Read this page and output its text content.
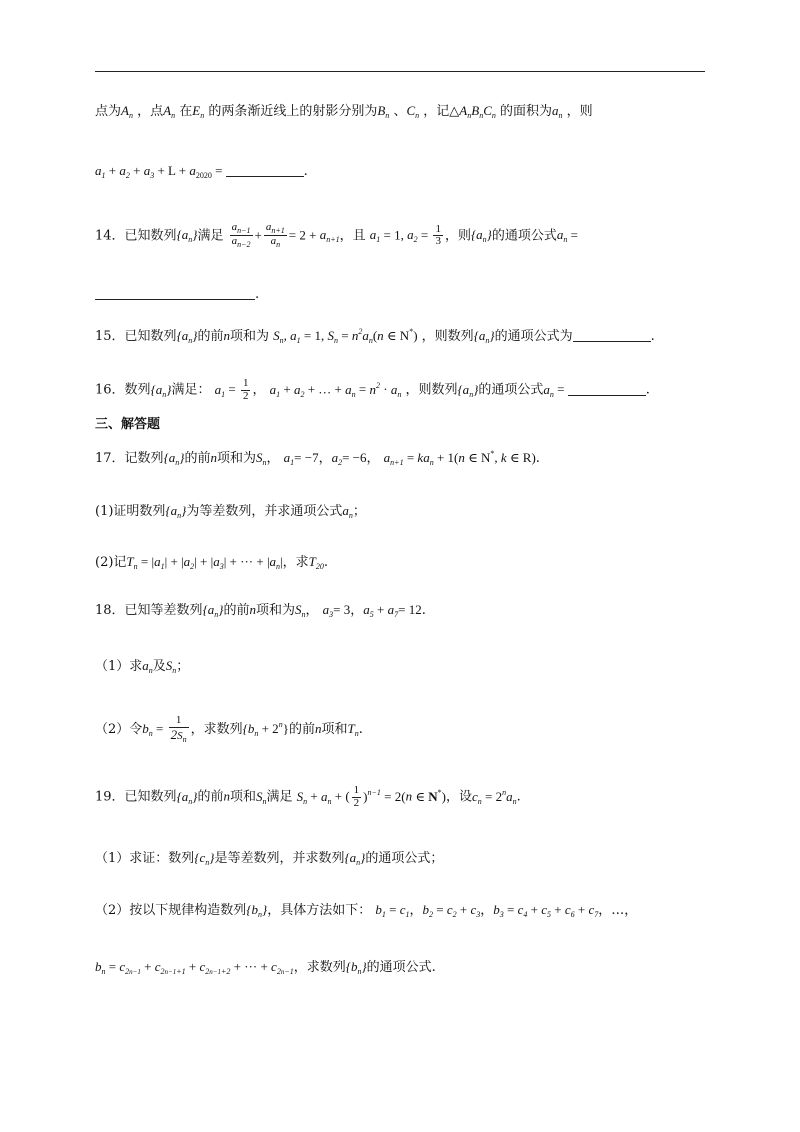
点为$A_n$ ，点$A_n$ 在$E_n$ 的两条渐近线上的射影分别为$B_n$ 、$C_n$ ，记$\triangle A_nB_nC_n$ 的面积为$a_n$ ，则
$a_1 + a_2 + a_3 + L + a_{2020}$ =	.
14．已知数列$\{a_n\}$满足 $\frac{a_{n-1}}{a_{n-2}} + \frac{a_{n+1}}{a_n} = 2 + a_{n+1}$，且 $a_1 = 1$, $a_2 = \frac{1}{3}$ ，则$\{a_n\}$的通项公式$a_n$ =
.
15．已知数列$\{a_n\}$的前n项和为 $S_n$, $a_1 = 1$, $S_n = n^2a_n(n$ ∈ N*) ，则数列$\{a_n\}$的通项公式为	.
16．数列$\{a_n\}$满足： $a_1 = \frac{1}{2}$ ， $a_1 + a_2$ + … + $a_n = n^2 \cdot a_n$ ，则数列$\{a_n\}$的通项公式$a_n$ =	.
三、解答题
17．记数列$\{a_n\}$的前n项和为$S_n$， $a_1= -7$，$a_2= -6$， $a_{n+1} = ka_n + 1(n$ ∈ N*, k ∈ R).
(1)证明数列$\{a_n\}$为等差数列，并求通项公式$a_n$；
(2)记$T_n = |a_1| + |a_2| + |a_3|$ + ··· + $|a_n|$，求$T_{20}$.
18．已知等差数列$\{a_n\}$的前n项和为$S_n$， $a_3= 3$，$a_5 + a_7= 12$.
（1）求$a_n$及$S_n$；
（2）令$b_n = \frac{1}{2S_n}$ ，求数列$\{b_n + 2^n\}$的前n项和$T_n$.
19．已知数列$\{a_n\}$的前n项和$S_n$满足 $S_n + a_n$ + ( $\frac{1}{2} )^{n-1} = 2(n$ ∈ N*)，设$c_n = 2^na_n$.
（1）求证：数列$\{c_n\}$是等差数列，并求数列$\{a_n\}$的通项公式；
（2）按以下规律构造数列$\{b_n\}$，具体方法如下： $b_1 = c_1$，$b_2 = c_2 + c_3$，$b_3 = c_4 + c_5 + c_6 + c_7$，…，
$b_n = c_{2n-1} + c_{2n-1+1} + c_{2n-1+2}$ + ··· + $c_{2n-1}$，求数列$\{b_n\}$的通项公式.
